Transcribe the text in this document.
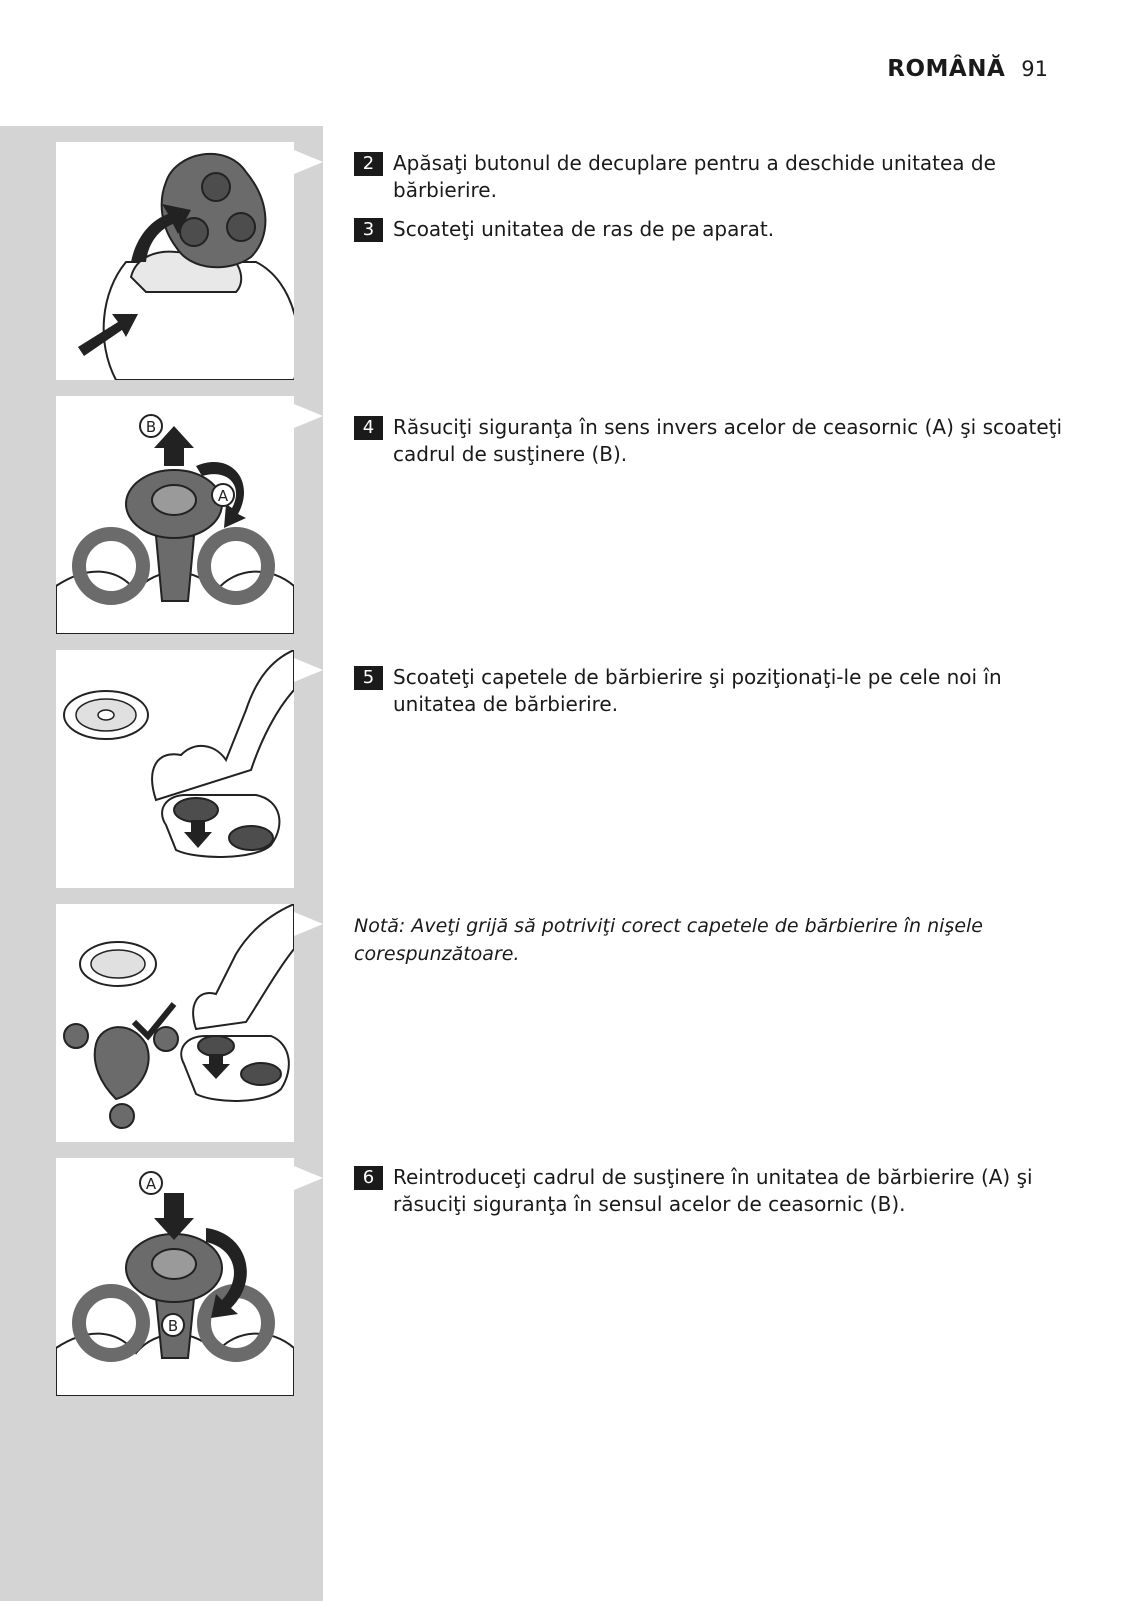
ROMÂNĂ 91
B
A
A
B
2 Apăsaţi butonul de decuplare pentru a deschide unitatea de bărbierire.
3 Scoateţi unitatea de ras de pe aparat.
4 Răsuciţi siguranţa în sens invers acelor de ceasornic (A) şi scoateţi cadrul de susţinere (B).
5 Scoateţi capetele de bărbierire şi poziţionaţi-le pe cele noi în unitatea de bărbierire.
Notă: Aveţi grijă să potriviţi corect capetele de bărbierire în nişele corespunzătoare.
6 Reintroduceţi cadrul de susţinere în unitatea de bărbierire (A) şi răsuciţi siguranţa în sensul acelor de ceasornic (B).
